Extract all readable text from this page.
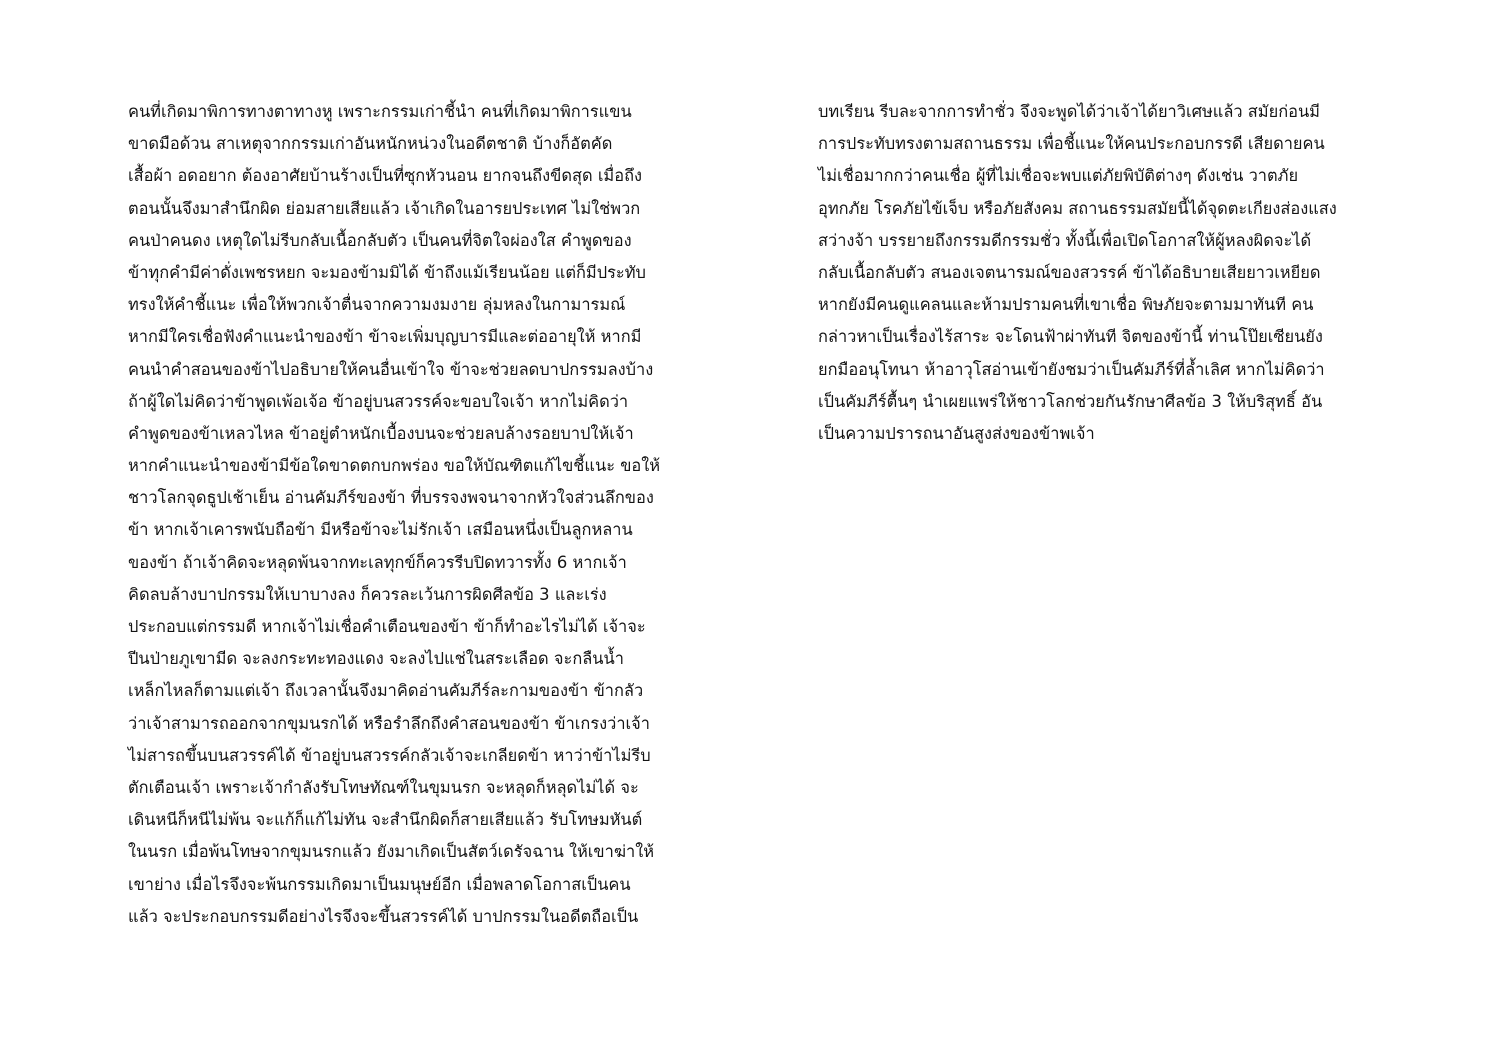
คนที่เกิดมาพิการทางตาทางหู เพราะกรรมเก่าชี้นำ คนที่เกิดมาพิการแขน
ขาดมือด้วน สาเหตุจากกรรมเก่าอันหนักหน่วงในอดีตชาติ บ้างก็อัตคัด
เสื้อผ้า อดอยาก ต้องอาศัยบ้านร้างเป็นที่ซุกหัวนอน ยากจนถึงขีดสุด เมื่อถึง
ตอนนั้นจึงมาสำนึกผิด ย่อมสายเสียแล้ว เจ้าเกิดในอารยประเทศ ไม่ใช่พวก
คนป่าคนดง เหตุใดไม่รีบกลับเนื้อกลับตัว เป็นคนที่จิตใจผ่องใส คำพูดของ
ข้าทุกคำมีค่าดั่งเพชรหยก จะมองข้ามมิได้ ข้าถึงแม้เรียนน้อย แต่ก็มีประทับ
ทรงให้คำชี้แนะ เพื่อให้พวกเจ้าตื่นจากความงมงาย ลุ่มหลงในกามารมณ์
หากมีใครเชื่อฟังคำแนะนำของข้า ข้าจะเพิ่มบุญบารมีและต่ออายุให้ หากมี
คนนำคำสอนของข้าไปอธิบายให้คนอื่นเข้าใจ ข้าจะช่วยลดบาปกรรมลงบ้าง
ถ้าผู้ใดไม่คิดว่าข้าพูดเพ้อเจ้อ ข้าอยู่บนสวรรค์จะขอบใจเจ้า หากไม่คิดว่า
คำพูดของข้าเหลวไหล ข้าอยู่ตำหนักเบื้องบนจะช่วยลบล้างรอยบาปให้เจ้า
หากคำแนะนำของข้ามีข้อใดขาดตกบกพร่อง ขอให้บัณฑิตแก้ไขชี้แนะ ขอให้
ชาวโลกจุดธูปเช้าเย็น อ่านคัมภีร์ของข้า ที่บรรจงพจนาจากหัวใจส่วนลึกของ
ข้า หากเจ้าเคารพนับถือข้า มีหรือข้าจะไม่รักเจ้า เสมือนหนึ่งเป็นลูกหลาน
ของข้า ถ้าเจ้าคิดจะหลุดพ้นจากทะเลทุกข์ก็ควรรีบปิดทวารทั้ง 6 หากเจ้า
คิดลบล้างบาปกรรมให้เบาบางลง ก็ควรละเว้นการผิดศีลข้อ 3 และเร่ง
ประกอบแต่กรรมดี หากเจ้าไม่เชื่อคำเตือนของข้า ข้าก็ทำอะไรไม่ได้ เจ้าจะ
ปีนป่ายภูเขามีด จะลงกระทะทองแดง จะลงไปแช่ในสระเลือด จะกลืนน้ำ
เหล็กไหลก็ตามแต่เจ้า ถึงเวลานั้นจึงมาคิดอ่านคัมภีร์ละกามของข้า ข้ากลัว
ว่าเจ้าสามารถออกจากขุมนรกได้ หรือรำลึกถึงคำสอนของข้า ข้าเกรงว่าเจ้า
ไม่สารถขึ้นบนสวรรค์ได้ ข้าอยู่บนสวรรค์กลัวเจ้าจะเกลียดข้า หาว่าข้าไม่รีบ
ตักเตือนเจ้า เพราะเจ้ากำลังรับโทษทัณฑ์ในขุมนรก จะหลุดก็หลุดไม่ได้ จะ
เดินหนีก็หนีไม่พ้น จะแก้ก็แก้ไม่ทัน จะสำนึกผิดก็สายเสียแล้ว รับโทษมหันต์
ในนรก เมื่อพ้นโทษจากขุมนรกแล้ว ยังมาเกิดเป็นสัตว์เดรัจฉาน ให้เขาฆ่าให้
เขาย่าง เมื่อไรจึงจะพ้นกรรมเกิดมาเป็นมนุษย์อีก เมื่อพลาดโอกาสเป็นคน
แล้ว จะประกอบกรรมดีอย่างไรจึงจะขึ้นสวรรค์ได้ บาปกรรมในอดีตถือเป็น
บทเรียน รีบละจากการทำชั่ว จึงจะพูดได้ว่าเจ้าได้ยาวิเศษแล้ว สมัยก่อนมี
การประทับทรงตามสถานธรรม เพื่อชี้แนะให้คนประกอบกรรดี เสียดายคน
ไม่เชื่อมากกว่าคนเชื่อ ผู้ที่ไม่เชื่อจะพบแต่ภัยพิบัติต่างๆ ดังเช่น วาตภัย
อุทกภัย โรคภัยไข้เจ็บ หรือภัยสังคม สถานธรรมสมัยนี้ได้จุดตะเกียงส่องแสง
สว่างจ้า บรรยายถึงกรรมดีกรรมชั่ว ทั้งนี้เพื่อเปิดโอกาสให้ผู้หลงผิดจะได้
กลับเนื้อกลับตัว สนองเจตนารมณ์ของสวรรค์ ข้าได้อธิบายเสียยาวเหยียด
หากยังมีคนดูแคลนและห้ามปรามคนที่เขาเชื่อ พิษภัยจะตามมาทันที คน
กล่าวหาเป็นเรื่องไร้สาระ จะโดนฟ้าผ่าทันที จิตของข้านี้ ท่านโป๊ยเซียนยัง
ยกมืออนุโทนา ห้าอาวุโสอ่านเข้ายังชมว่าเป็นคัมภีร์ที่ล้ำเลิศ หากไม่คิดว่า
เป็นคัมภีร์ตื้นๆ นำเผยแพร่ให้ชาวโลกช่วยกันรักษาศีลข้อ 3 ให้บริสุทธิ์ อัน
เป็นความปรารถนาอันสูงส่งของข้าพเจ้า
